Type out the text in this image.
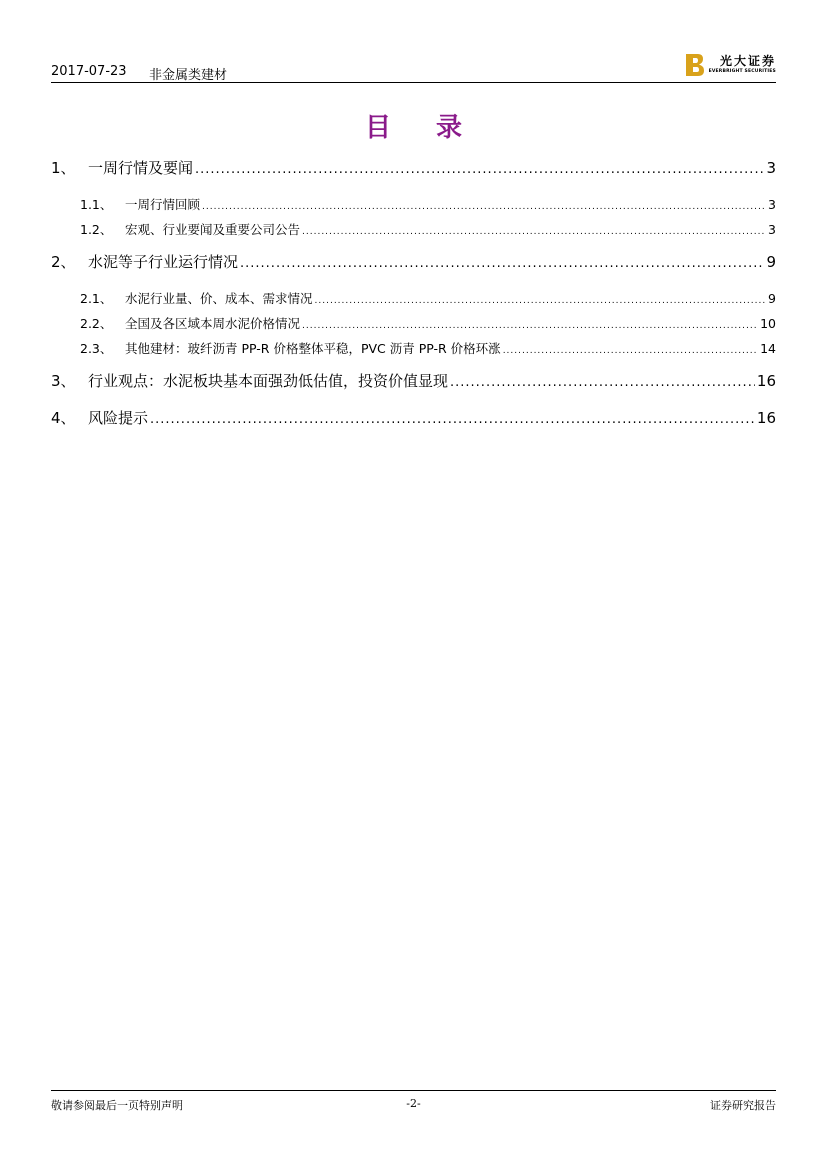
2017-07-23 非金属类建材
光大证券
EVERBRIGHT SECURITIES
目 录
1、 一周行情及要闻 .....	3
1.1、	一周行情回顾 .....	3
1.2、	宏观、行业要闻及重要公司公告 .....	3
2、 水泥等子行业运行情况 .....	9
2.1、	水泥行业量、价、成本、需求情况 .....	9
2.2、	全国及各区域本周水泥价格情况 .....	10
2.3、	其他建材：玻纤沥青 PP-R 价格整体平稳，PVC 沥青 PP-R 价格环涨 .....	14
3、 行业观点：水泥板块基本面强劲低估值，投资价值显现 .....	16
4、 风险提示 .....	16
敬请参阅最后一页特别声明	-2-	证券研究报告
